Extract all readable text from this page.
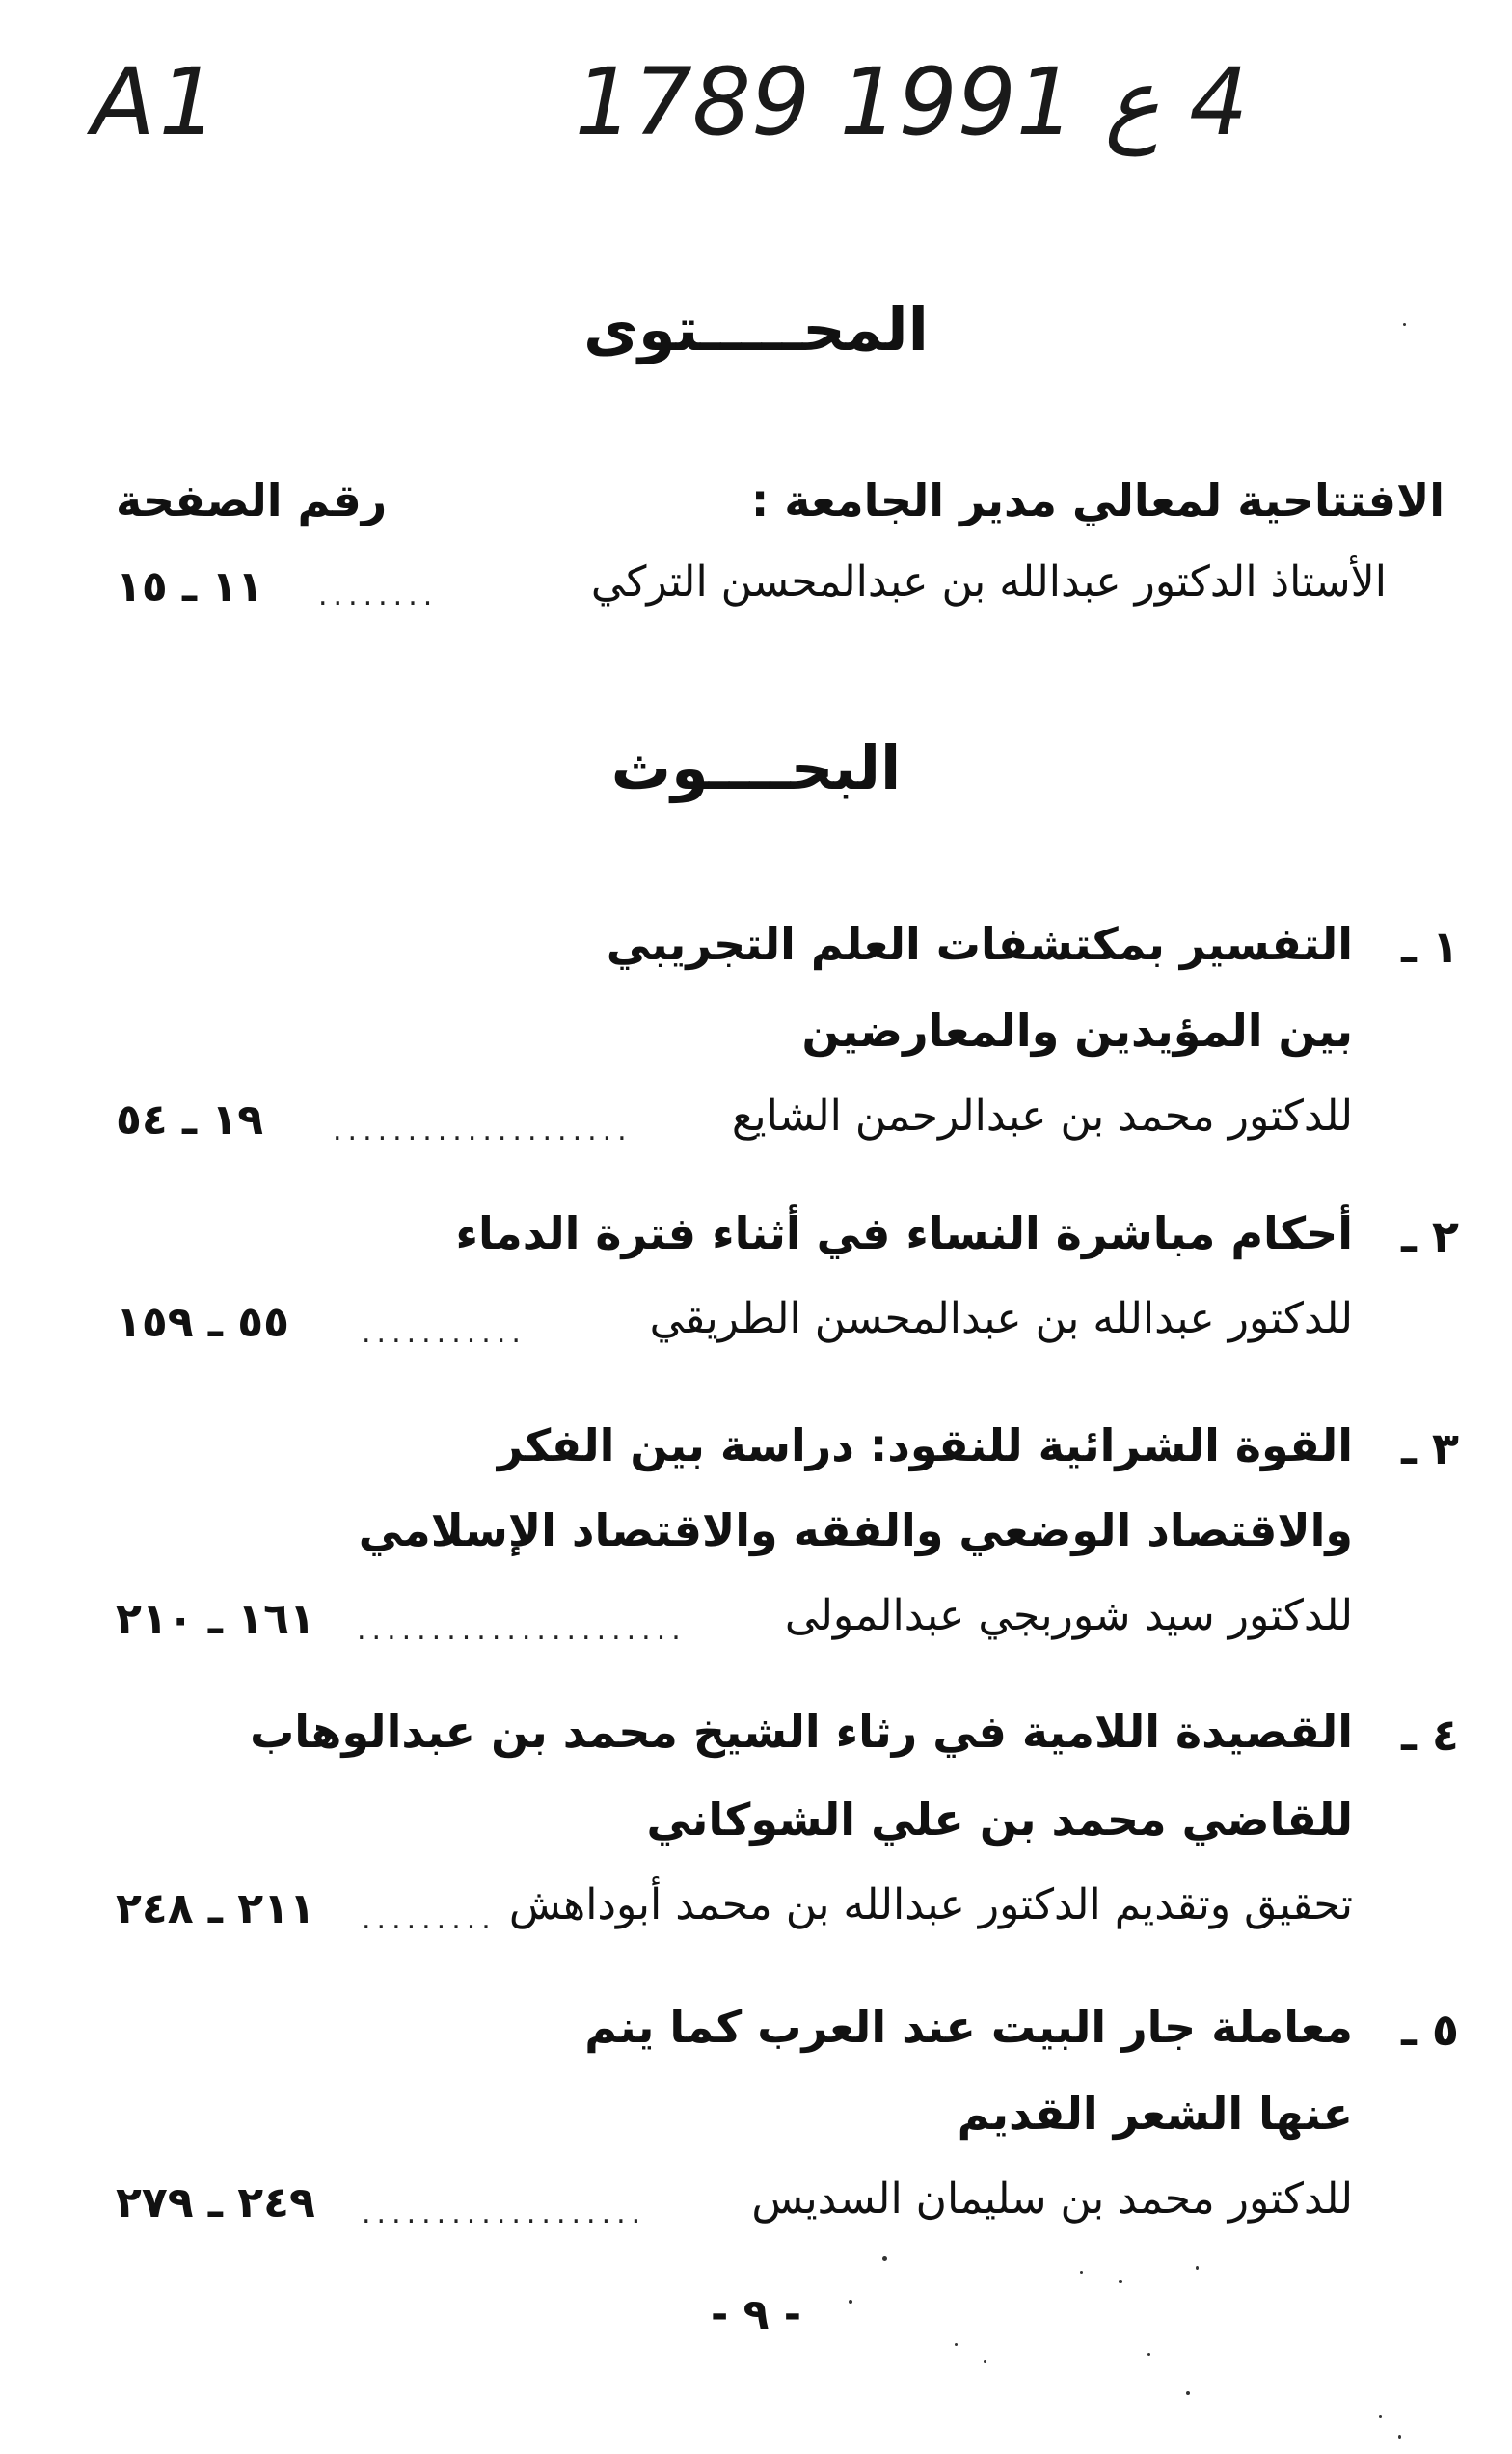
A1	4 ع 1991 1789
المحـــــتوى
الافتتاحية لمعالي مدير الجامعة :
رقم الصفحة
الأستاذ الدكتور عبدالله بن عبدالمحسن التركي
........
١١ ـ ١٥
البحــــوث
١ ـ
التفسير بمكتشفات العلم التجريبي
بين المؤيدين والمعارضين
للدكتور محمد بن عبدالرحمن الشايع
....................
١٩ ـ ٥٤
٢ ـ
أحكام مباشرة النساء في أثناء فترة الدماء
للدكتور عبدالله بن عبدالمحسن الطريقي
...........
٥٥ ـ ١٥٩
٣ ـ
القوة الشرائية للنقود: دراسة بين الفكر
والاقتصاد الوضعي والفقه والاقتصاد الإسلامي
للدكتور سيد شوربجي عبدالمولى
......................
١٦١ ـ ٢١٠
٤ ـ
القصيدة اللامية في رثاء الشيخ محمد بن عبدالوهاب
للقاضي محمد بن علي الشوكاني
تحقيق وتقديم الدكتور عبدالله بن محمد أبوداهش
.........
٢١١ ـ ٢٤٨
٥ ـ
معاملة جار البيت عند العرب كما ينم
عنها الشعر القديم
للدكتور محمد بن سليمان السديس
...................
٢٤٩ ـ ٢٧٩
- ٩ -
